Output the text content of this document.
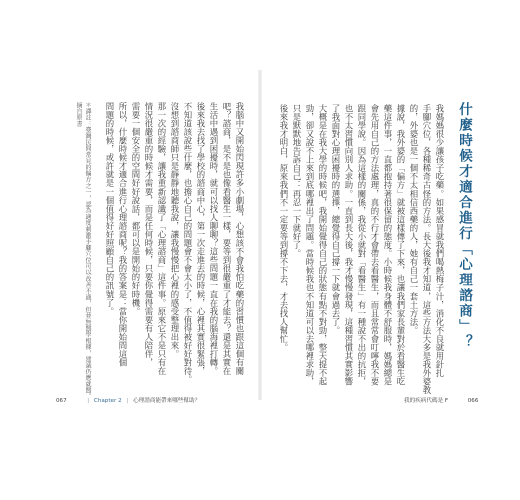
什麼時候才適合進行「心理諮商」？
我媽媽很少讓孩子吃藥。如果感冒就我們喝熱梅子汁，消化不良就用針扎
手腳穴位，各種稀奇古怪的方法。長大後我才知道，這些方法大多是我外婆教
的，外婆也是一個不太相信西藥的人，她有自己一套土方法。
據說，我外婆的「偏方」就被這樣傳了下來，也讓我們家長輩對於看醫生吃
藥這件事，一直都抱持著很保留的態度。小時候我身體不舒服時，媽媽總是
會先用自己的方法處理，真的不行才會帶去看醫生，而且常常會叮嚀我不要
跟同學說。因為這樣的關係，我從小就對「看醫生」有一種說不出的抗拒，
也不太習慣向別人求助。一直到長大後，我才慢慢發現，這種習慣其實影響
了我面對心理困擾時的選擇，總覺得自己撐一下就會過去了。
大概是在我大學的時候吧，我開始覺得自己的狀態有點不對勁，整天提不起
勁，卻又說不上來到底哪裡出了問題。當時候我也不知道可以去哪裡求助，
只是默默地告訴自己：再忍一下就好了。
後來我才明白，原來我們不一定要等到撐不下去，才去找人幫忙。
我的疾病代碼是 F	066
我腦中又開始閃現許多小劇場，心想該不會我怕吃藥的習慣也跟這個有關
吧？諮商，是不是也像看醫生一樣，要等到很嚴重了才能去？還是其實在
生活中遇到困擾時，就可以找人聊聊？這些問題一直在我的腦海裡打轉。
後來我去找了學校的諮商中心，第一次走進去的時候，心裡其實很緊張，
不知道該說些什麼，也擔心自己的問題會不會太小了，不值得被好好對待。
沒想到諮商師只是靜靜地聽我說，讓我慢慢把心裡的感受整理出來。
那一次的經驗，讓我重新認識了「心理諮商」這件事。原來它不是只有在
情況很嚴重的時候才需要，而是任何時候，只要你覺得需要有人陪伴，
需要一個安全的空間好好說話，都可以是開始的好時機。
所以，什麼時候才適合進行心理諮商呢？我的答案是：當你開始問這個
問題的時候，或許就是一個值得好好照顧自己的訊號了。
＊譯註：臺灣民間常見的偏方之一，認為適度刺激手腳穴位可以改善不適，但並無醫學根據，建議仍應就醫。
摘自原書
067	| Chapter 2 | 心理諮商能帶來哪些幫助？
